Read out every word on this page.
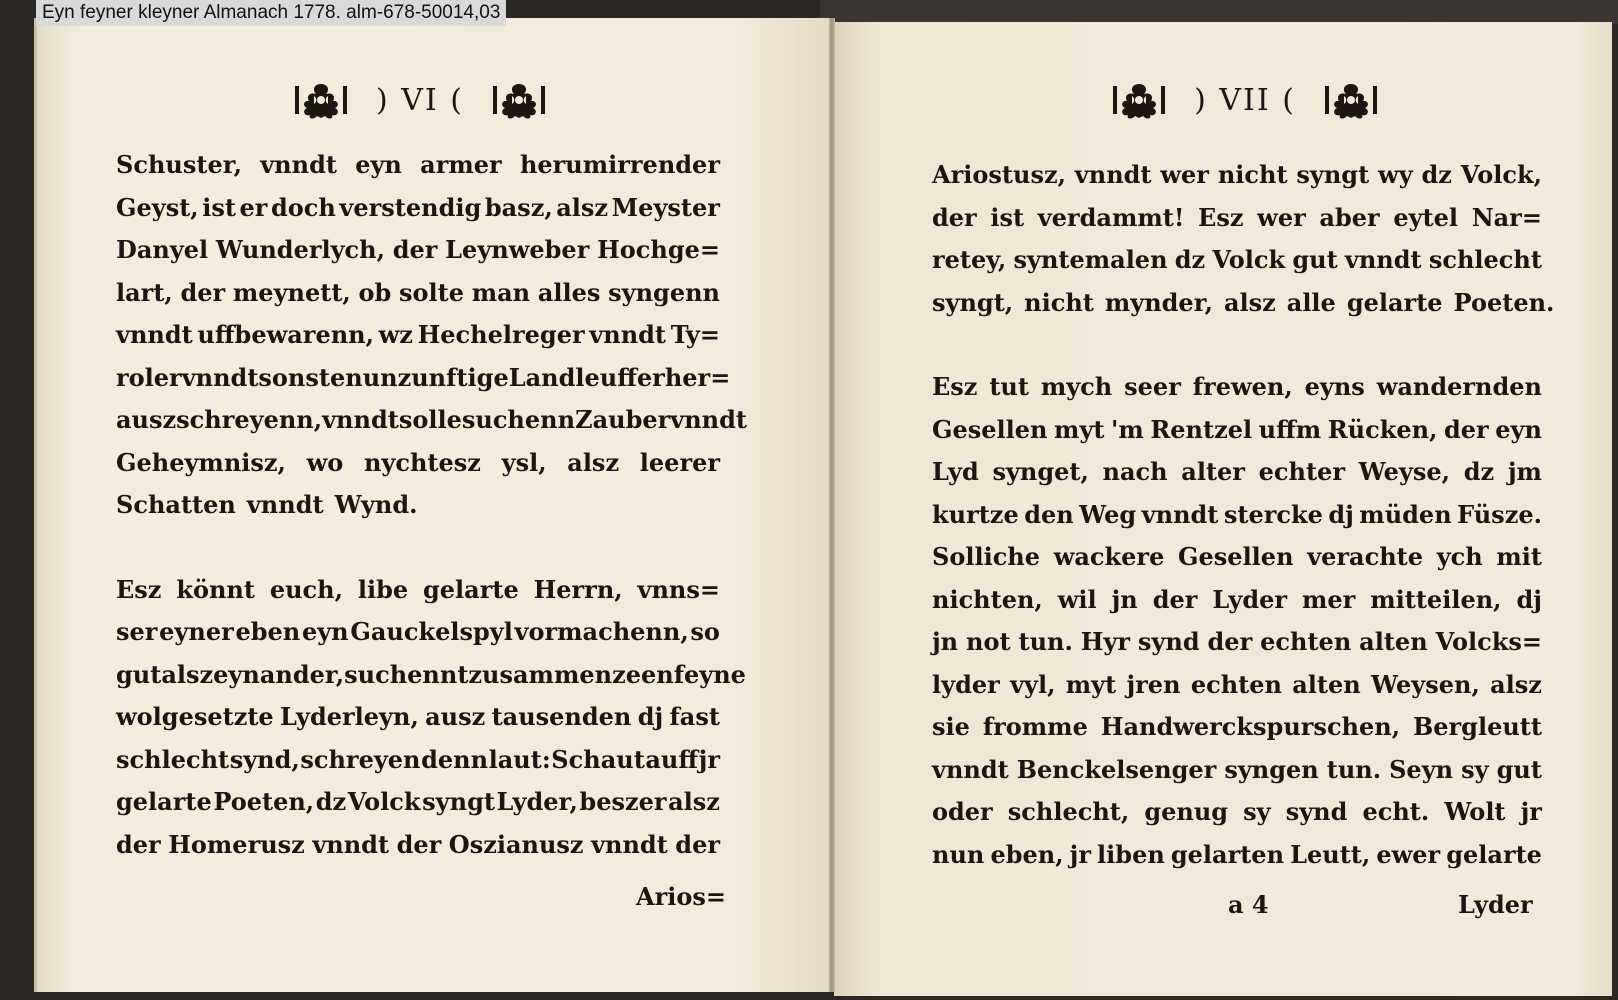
Eyn feyner kleyner Almanach 1778. alm-678-50014,03

) VI (
Schuster, vnndt eyn armer herumirrender
Geyst, ist er doch verstendig basz, alsz Meyster
Danyel Wunderlych, der Leynweber Hochge=
lart, der meynett, ob solte man alles syngenn
vnndt uffbewarenn, wz Hechelreger vnndt Ty=
roler vnndt sonsten unzunftige Landleuffer her=
auszschreyenn, vnndt solle suchenn Zauber vnndt
Geheymnisz, wo nychtesz ysl, alsz leerer
Schatten vnndt Wynd.
Esz könnt euch, libe gelarte Herrn, vnns=
ser eyner eben eyn Gauckelspyl vormachenn, so
gut alsz eyn ander, suchenn tzusammen zeen feyne
wolgesetzte Lyderleyn, ausz tausenden dj fast
schlecht synd, schreyen denn laut: Schaut auff jr
gelarte Poeten, dz Volck syngt Lyder, beszer alsz
der Homerusz vnndt der Oszianusz vnndt der
Arios=
) VII (
Ariostusz, vnndt wer nicht syngt wy dz Volck,
der ist verdammt! Esz wer aber eytel Nar=
retey, syntemalen dz Volck gut vnndt schlecht
syngt, nicht mynder, alsz alle gelarte Poeten.
Esz tut mych seer frewen, eyns wandernden
Gesellen myt 'm Rentzel uffm Rücken, der eyn
Lyd synget, nach alter echter Weyse, dz jm
kurtze den Weg vnndt stercke dj müden Füsze.
Solliche wackere Gesellen verachte ych mit
nichten, wil jn der Lyder mer mitteilen, dj
jn not tun. Hyr synd der echten alten Volcks=
lyder vyl, myt jren echten alten Weysen, alsz
sie fromme Handwerckspurschen, Bergleutt
vnndt Benckelsenger syngen tun. Seyn sy gut
oder schlecht, genug sy synd echt. Wolt jr
nun eben, jr liben gelarten Leutt, ewer gelarte
a 4	Lyder
